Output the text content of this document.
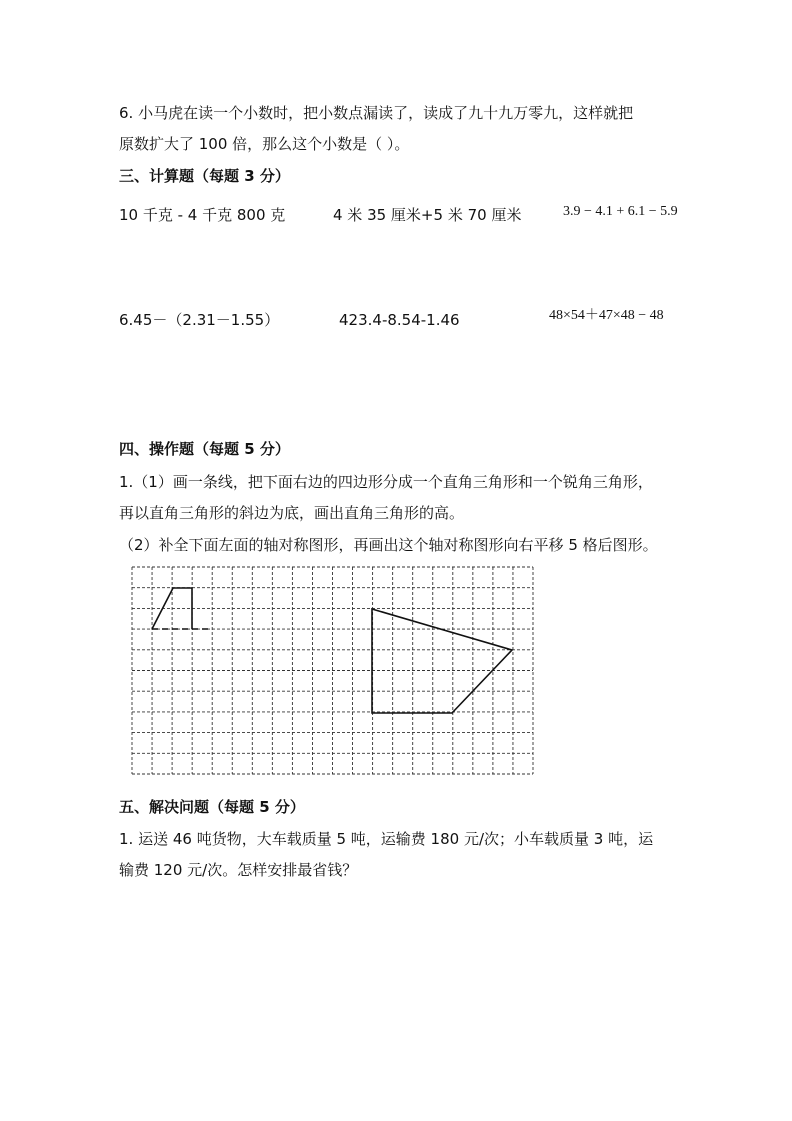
6. 小马虎在读一个小数时，把小数点漏读了，读成了九十九万零九，这样就把
原数扩大了 100 倍，那么这个小数是（ ）。
三、计算题（每题 3 分）
10 千克 - 4 千克 800 克	4 米 35 厘米+5 米 70 厘米	3.9 − 4.1 + 6.1 − 5.9
6.45－（2.31－1.55）	423.4-8.54-1.46	48×54＋47×48 − 48
四、操作题（每题 5 分）
1.（1）画一条线，把下面右边的四边形分成一个直角三角形和一个锐角三角形，
再以直角三角形的斜边为底，画出直角三角形的高。
（2）补全下面左面的轴对称图形，再画出这个轴对称图形向右平移 5 格后图形。
五、解决问题（每题 5 分）
1. 运送 46 吨货物，大车载质量 5 吨，运输费 180 元/次；小车载质量 3 吨，运
输费 120 元/次。怎样安排最省钱？
